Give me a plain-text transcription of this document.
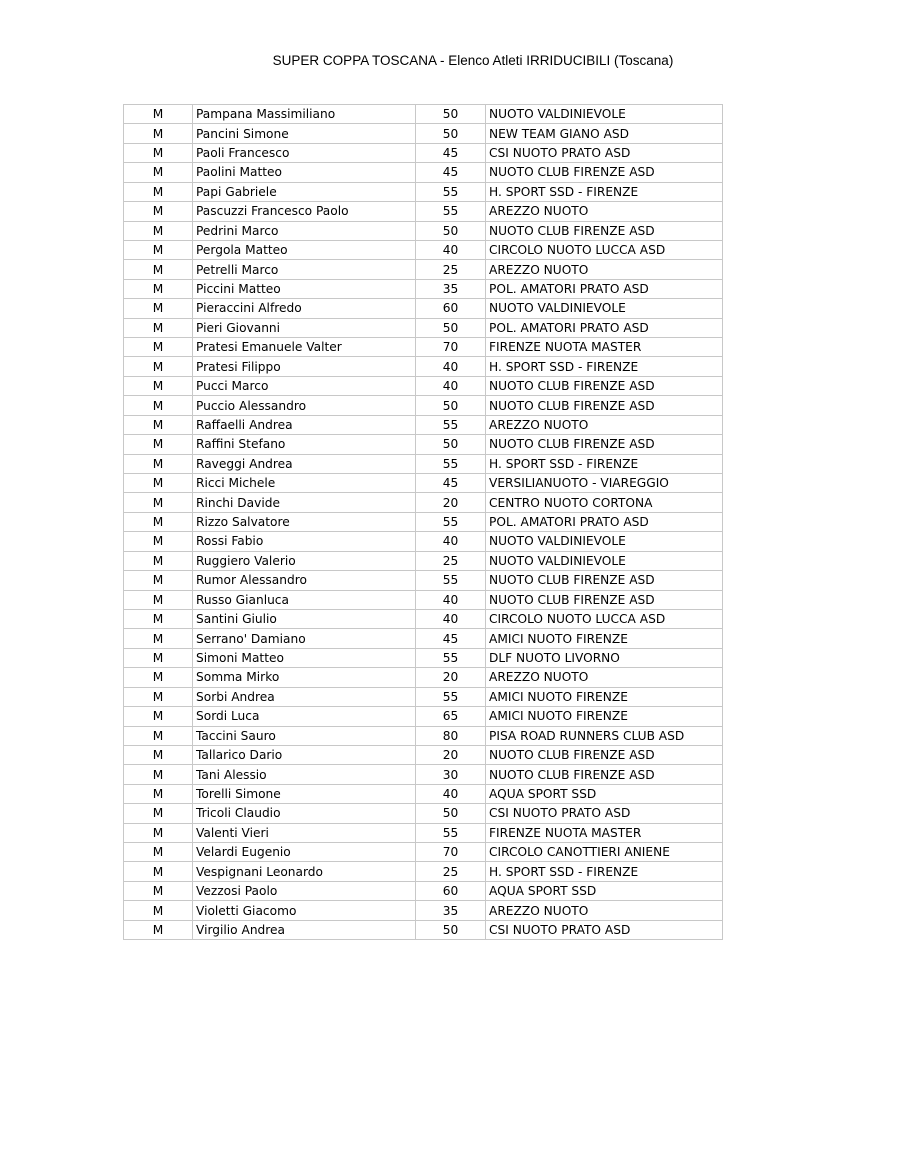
SUPER COPPA TOSCANA - Elenco Atleti IRRIDUCIBILI (Toscana)
M	Pampana Massimiliano	50	NUOTO VALDINIEVOLE
M	Pancini Simone	50	NEW TEAM GIANO ASD
M	Paoli Francesco	45	CSI NUOTO PRATO ASD
M	Paolini Matteo	45	NUOTO CLUB FIRENZE ASD
M	Papi Gabriele	55	H. SPORT SSD - FIRENZE
M	Pascuzzi Francesco Paolo	55	AREZZO NUOTO
M	Pedrini Marco	50	NUOTO CLUB FIRENZE ASD
M	Pergola Matteo	40	CIRCOLO NUOTO LUCCA ASD
M	Petrelli Marco	25	AREZZO NUOTO
M	Piccini Matteo	35	POL. AMATORI PRATO ASD
M	Pieraccini Alfredo	60	NUOTO VALDINIEVOLE
M	Pieri Giovanni	50	POL. AMATORI PRATO ASD
M	Pratesi Emanuele Valter	70	FIRENZE NUOTA MASTER
M	Pratesi Filippo	40	H. SPORT SSD - FIRENZE
M	Pucci Marco	40	NUOTO CLUB FIRENZE ASD
M	Puccio Alessandro	50	NUOTO CLUB FIRENZE ASD
M	Raffaelli Andrea	55	AREZZO NUOTO
M	Raffini Stefano	50	NUOTO CLUB FIRENZE ASD
M	Raveggi Andrea	55	H. SPORT SSD - FIRENZE
M	Ricci Michele	45	VERSILIANUOTO - VIAREGGIO
M	Rinchi Davide	20	CENTRO NUOTO CORTONA
M	Rizzo Salvatore	55	POL. AMATORI PRATO ASD
M	Rossi Fabio	40	NUOTO VALDINIEVOLE
M	Ruggiero Valerio	25	NUOTO VALDINIEVOLE
M	Rumor Alessandro	55	NUOTO CLUB FIRENZE ASD
M	Russo Gianluca	40	NUOTO CLUB FIRENZE ASD
M	Santini Giulio	40	CIRCOLO NUOTO LUCCA ASD
M	Serrano' Damiano	45	AMICI NUOTO FIRENZE
M	Simoni Matteo	55	DLF NUOTO LIVORNO
M	Somma Mirko	20	AREZZO NUOTO
M	Sorbi Andrea	55	AMICI NUOTO FIRENZE
M	Sordi Luca	65	AMICI NUOTO FIRENZE
M	Taccini Sauro	80	PISA ROAD RUNNERS CLUB ASD
M	Tallarico Dario	20	NUOTO CLUB FIRENZE ASD
M	Tani Alessio	30	NUOTO CLUB FIRENZE ASD
M	Torelli Simone	40	AQUA SPORT SSD
M	Tricoli Claudio	50	CSI NUOTO PRATO ASD
M	Valenti Vieri	55	FIRENZE NUOTA MASTER
M	Velardi Eugenio	70	CIRCOLO CANOTTIERI ANIENE
M	Vespignani Leonardo	25	H. SPORT SSD - FIRENZE
M	Vezzosi Paolo	60	AQUA SPORT SSD
M	Violetti Giacomo	35	AREZZO NUOTO
M	Virgilio Andrea	50	CSI NUOTO PRATO ASD
